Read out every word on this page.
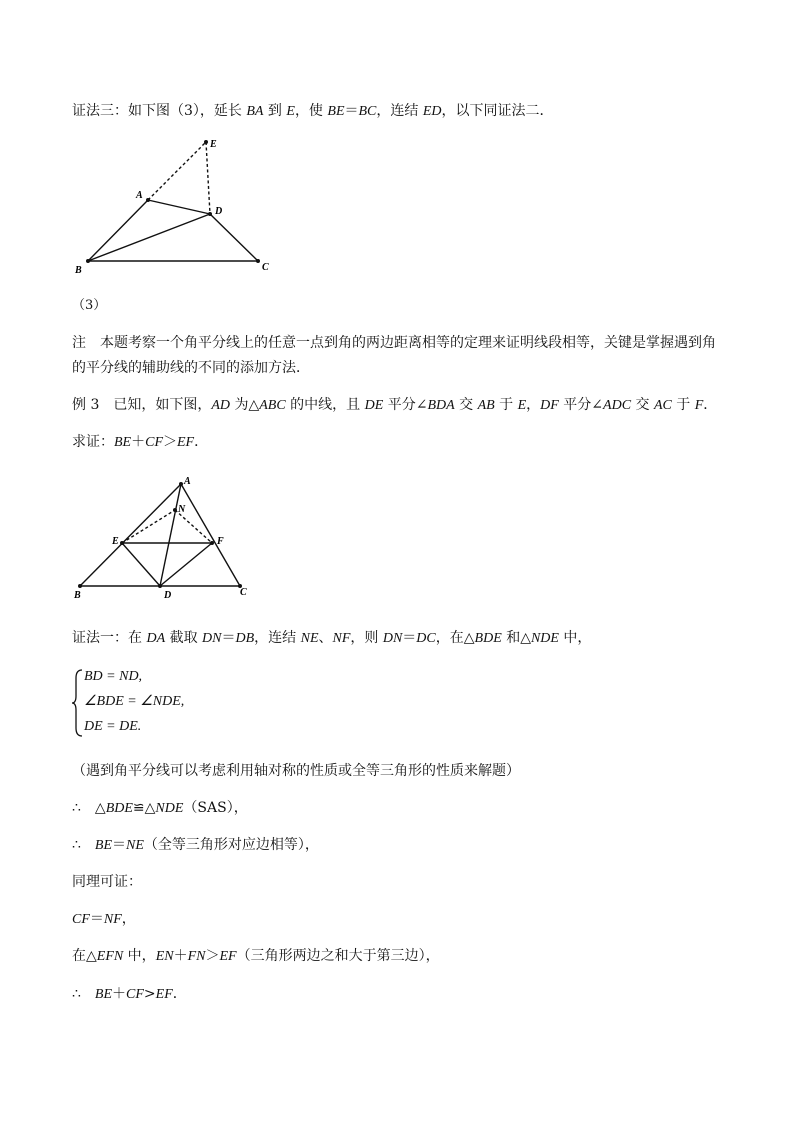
证法三：如下图（3），延长 BA 到 E，使 BE＝BC，连结 ED，以下同证法二．
B	C
A
D
E
（3）
注　本题考察一个角平分线上的任意一点到角的两边距离相等的定理来证明线段相等，关键是掌握遇到角
的平分线的辅助线的不同的添加方法．
例 3　已知，如下图，AD 为△ABC 的中线，且 DE 平分∠BDA 交 AB 于 E，DF 平分∠ADC 交 AC 于 F．
求证：BE＋CF＞EF．
B	C
D
A
N
E	F
证法一：在 DA 截取 DN＝DB，连结 NE、NF，则 DN＝DC，在△BDE 和△NDE 中，
BD = ND,
∠BDE = ∠NDE,
DE = DE.
（遇到角平分线可以考虑利用轴对称的性质或全等三角形的性质来解题）
∴　△BDE≌△NDE（SAS），
∴　BE＝NE（全等三角形对应边相等），
同理可证：
CF＝NF，
在△EFN 中，EN＋FN＞EF（三角形两边之和大于第三边），
∴　BE＋CF>EF．
